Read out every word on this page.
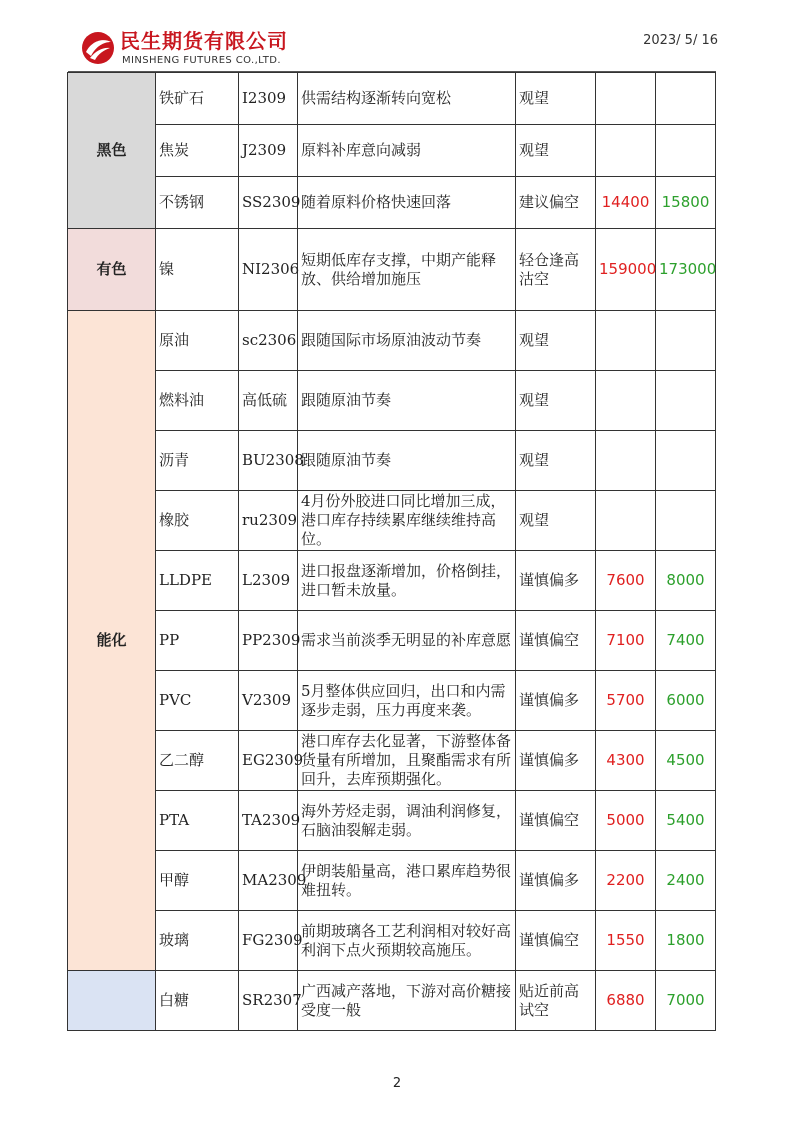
民生期货有限公司
MINSHENG FUTURES CO.,LTD.
2023/ 5/ 16
黑色	铁矿石	I2309	供需结构逐渐转向宽松	观望		
	焦炭	J2309	原料补库意向减弱	观望		
	不锈钢	SS2309	随着原料价格快速回落	建议偏空	14400	15800
有色	镍	NI2306	短期低库存支撑，中期产能释放、供给增加施压	轻仓逢高沽空	159000	173000
能化	原油	sc2306	跟随国际市场原油波动节奏	观望		
	燃料油	高低硫	跟随原油节奏	观望		
	沥青	BU2308	跟随原油节奏	观望		
	橡胶	ru2309	4月份外胶进口同比增加三成，港口库存持续累库继续维持高位。	观望		
	LLDPE	L2309	进口报盘逐渐增加，价格倒挂，进口暂未放量。	谨慎偏多	7600	8000
	PP	PP2309	需求当前淡季无明显的补库意愿	谨慎偏空	7100	7400
	PVC	V2309	5月整体供应回归，出口和内需逐步走弱，压力再度来袭。	谨慎偏多	5700	6000
	乙二醇	EG2309	港口库存去化显著，下游整体备货量有所增加，且聚酯需求有所回升，去库预期强化。	谨慎偏多	4300	4500
	PTA	TA2309	海外芳烃走弱，调油利润修复，石脑油裂解走弱。	谨慎偏空	5000	5400
	甲醇	MA2309	伊朗装船量高，港口累库趋势很难扭转。	谨慎偏多	2200	2400
	玻璃	FG2309	前期玻璃各工艺利润相对较好高利润下点火预期较高施压。	谨慎偏空	1550	1800
	白糖	SR2307	广西减产落地，下游对高价糖接受度一般	贴近前高试空	6880	7000
2
